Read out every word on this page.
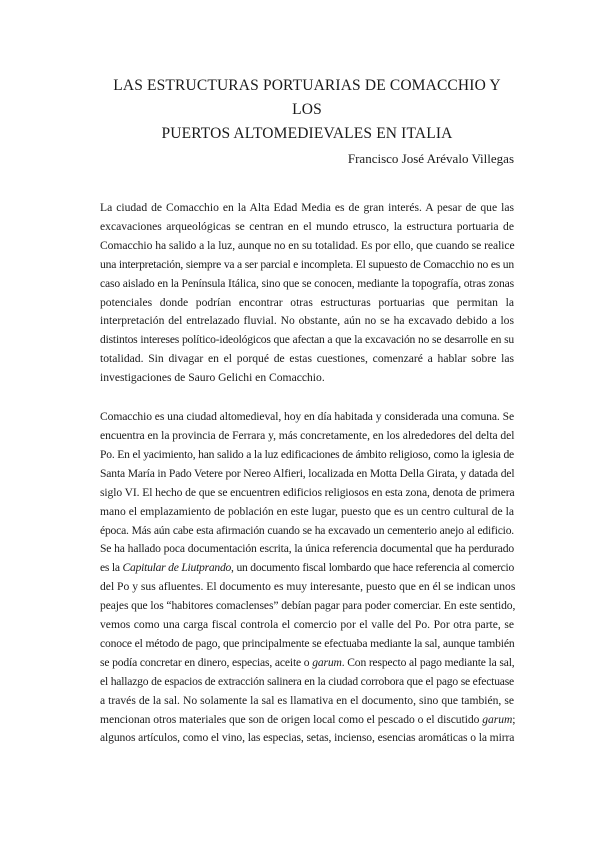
LAS ESTRUCTURAS PORTUARIAS DE COMACCHIO Y LOS
PUERTOS ALTOMEDIEVALES EN ITALIA
Francisco José Arévalo Villegas
La ciudad de Comacchio en la Alta Edad Media es de gran interés. A pesar de que las
excavaciones arqueológicas se centran en el mundo etrusco, la estructura portuaria de
Comacchio ha salido a la luz, aunque no en su totalidad. Es por ello, que cuando se realice
una interpretación, siempre va a ser parcial e incompleta. El supuesto de Comacchio no es un
caso aislado en la Península Itálica, sino que se conocen, mediante la topografía, otras zonas
potenciales donde podrían encontrar otras estructuras portuarias que permitan la
interpretación del entrelazado fluvial. No obstante, aún no se ha excavado debido a los
distintos intereses político-ideológicos que afectan a que la excavación no se desarrolle en su
totalidad. Sin divagar en el porqué de estas cuestiones, comenzaré a hablar sobre las
investigaciones de Sauro Gelichi en Comacchio.
Comacchio es una ciudad altomedieval, hoy en día habitada y considerada una comuna. Se
encuentra en la provincia de Ferrara y, más concretamente, en los alrededores del delta del
Po. En el yacimiento, han salido a la luz edificaciones de ámbito religioso, como la iglesia de
Santa María in Pado Vetere por Nereo Alfieri, localizada en Motta Della Girata, y datada del
siglo VI. El hecho de que se encuentren edificios religiosos en esta zona, denota de primera
mano el emplazamiento de población en este lugar, puesto que es un centro cultural de la
época. Más aún cabe esta afirmación cuando se ha excavado un cementerio anejo al edificio.
Se ha hallado poca documentación escrita, la única referencia documental que ha perdurado
es la Capitular de Liutprando, un documento fiscal lombardo que hace referencia al comercio
del Po y sus afluentes. El documento es muy interesante, puesto que en él se indican unos
peajes que los “habitores comaclenses” debían pagar para poder comerciar. En este sentido,
vemos como una carga fiscal controla el comercio por el valle del Po. Por otra parte, se
conoce el método de pago, que principalmente se efectuaba mediante la sal, aunque también
se podía concretar en dinero, especias, aceite o garum. Con respecto al pago mediante la sal,
el hallazgo de espacios de extracción salinera en la ciudad corrobora que el pago se efectuase
a través de la sal. No solamente la sal es llamativa en el documento, sino que también, se
mencionan otros materiales que son de origen local como el pescado o el discutido garum;
algunos artículos, como el vino, las especias, setas, incienso, esencias aromáticas o la mirra
